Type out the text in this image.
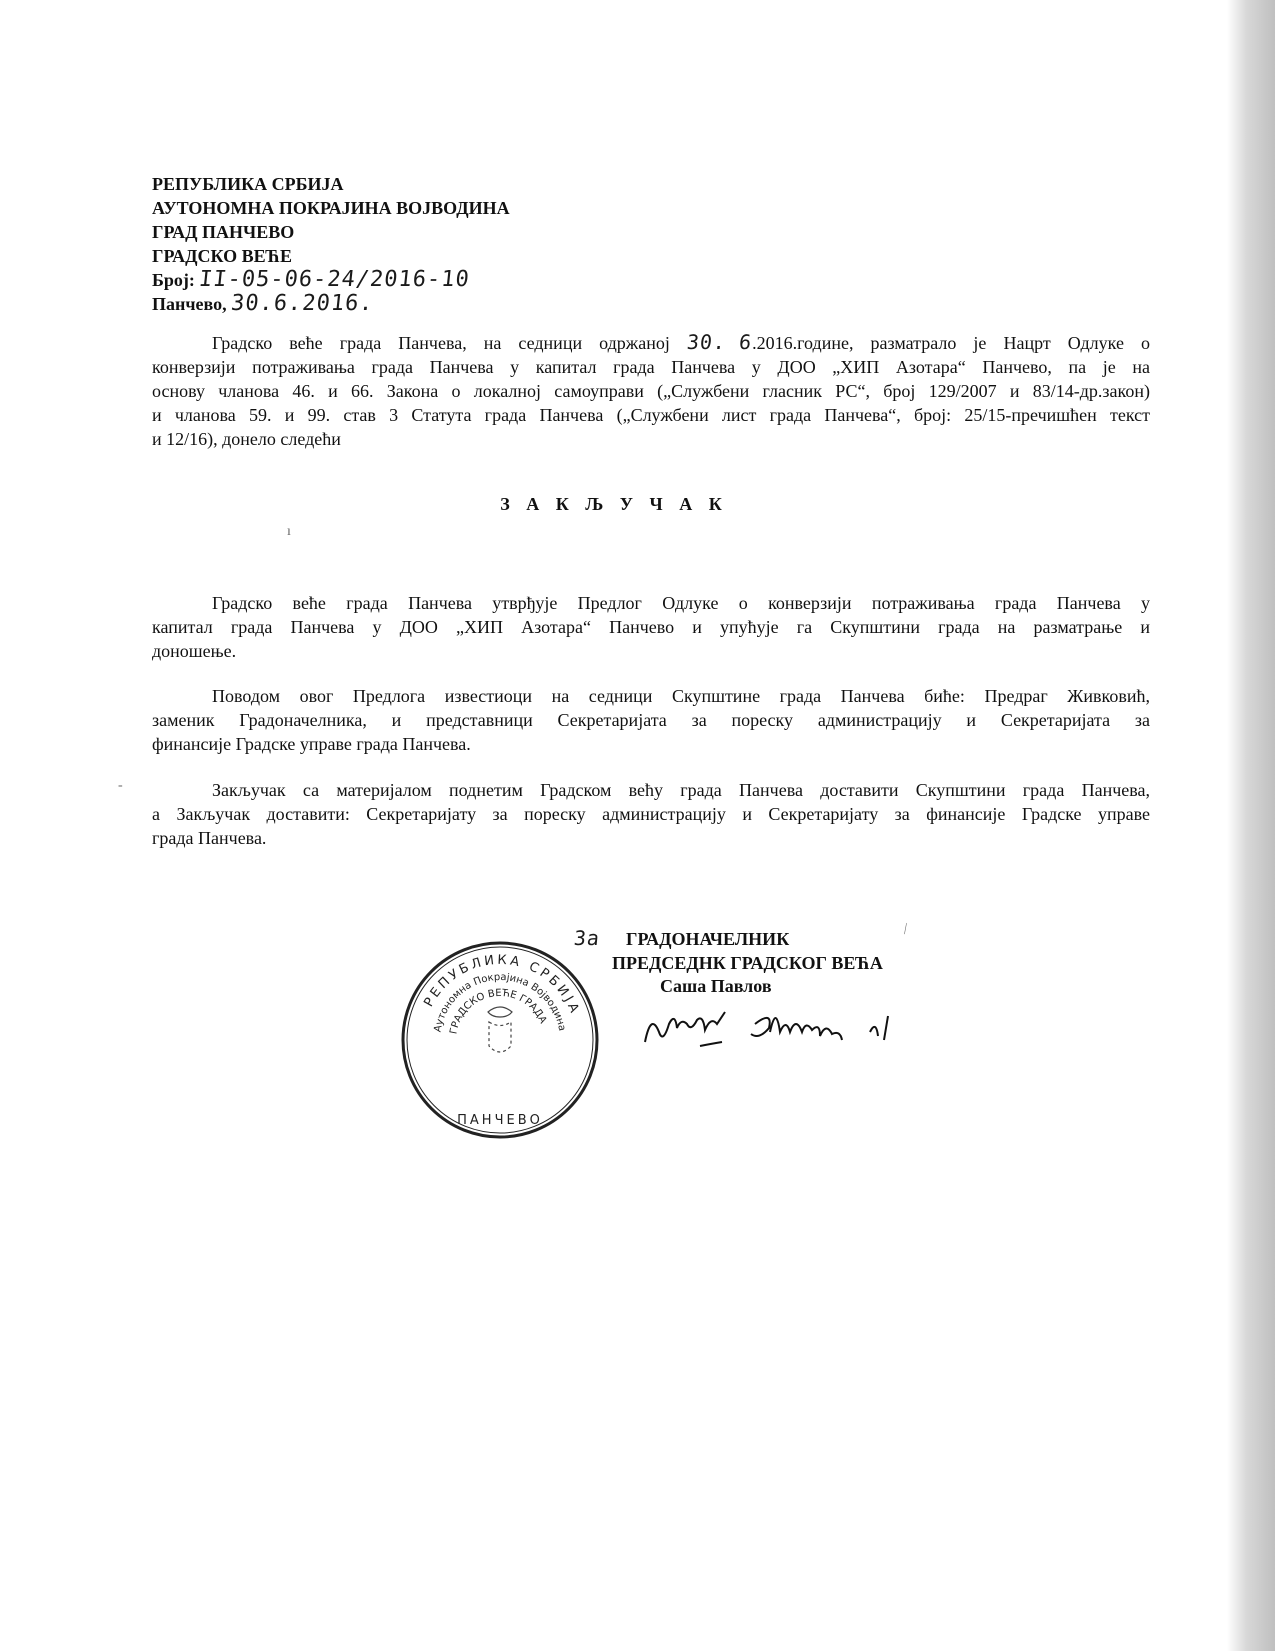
РЕПУБЛИКА СРБИЈА
АУТОНОМНА ПОКРАЈИНА ВОЈВОДИНА
ГРАД ПАНЧЕВО
ГРАДСКО ВЕЋЕ
Број: II-05-06-24/2016-10
Панчево, 30.6.2016.
Градско веће града Панчева, на седници одржаној 30. 6.2016.године, разматрало је Нацрт Одлуке о
конверзији потраживања града Панчева у капитал града Панчева у ДОО „ХИП Азотара“ Панчево, па је на
основу чланова 46. и 66. Закона о локалној самоуправи („Службени гласник РС“, број 129/2007 и 83/14-др.закон)
и чланова 59. и 99. став 3 Статута града Панчева („Службени лист града Панчева“, број: 25/15-пречишћен текст
и 12/16), донело следећи
З А К Љ У Ч А К
ı
Градско веће града Панчева утврђује Предлог Одлуке о конверзији потраживања града Панчева у
капитал града Панчева у ДОО „ХИП Азотара“ Панчево и упућује га Скупштини града на разматрање и
доношење.
Поводом овог Предлога известиоци на седници Скупштине града Панчева биће: Предраг Живковић,
заменик Градоначелника, и представници Секретаријата за пореску администрацију и Секретаријата за
финансије Градске управе града Панчева.
Закључак са материјалом поднетим Градском већу града Панчева доставити Скупштини града Панчева,
а Закључак доставити: Секретаријату за пореску администрацију и Секретаријату за финансије Градске управе
града Панчева.
За ГРАДОНАЧЕЛНИК
ПРЕДСЕДНК ГРАДСКОГ ВЕЋА
Саша Павлов
РЕПУБЛИКА СРБИЈА
Аутономна Покрајина Војводина
ГРАДСКО ВЕЋЕ ГРАДА
ПАНЧЕВО
⁄
-
